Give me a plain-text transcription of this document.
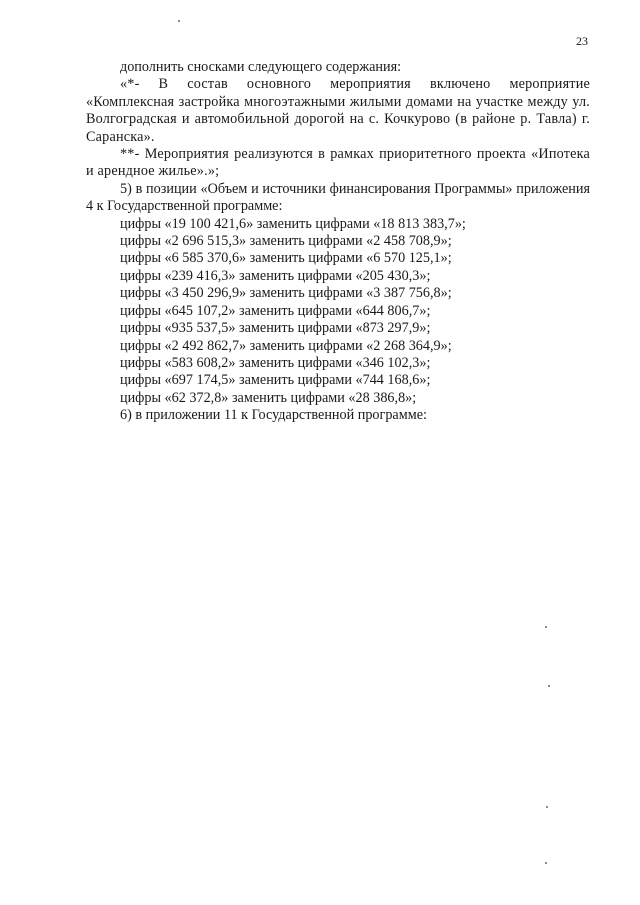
23

дополнить сносками следующего содержания:

«*- В состав основного мероприятия включено мероприятие «Комплексная застройка многоэтажными жилыми домами на участке между ул. Волгоградская и автомобильной дорогой на с. Кочкурово (в районе р. Тавла) г. Саранска».

**- Мероприятия реализуются в рамках приоритетного проекта «Ипотека и арендное жилье».»;

5) в позиции «Объем и источники финансирования Программы» приложения 4 к Государственной программе:

цифры «19 100 421,6» заменить цифрами «18 813 383,7»;
цифры «2 696 515,3» заменить цифрами «2 458 708,9»;
цифры «6 585 370,6» заменить цифрами «6 570 125,1»;
цифры «239 416,3» заменить цифрами «205 430,3»;
цифры «3 450 296,9» заменить цифрами «3 387 756,8»;
цифры «645 107,2» заменить цифрами «644 806,7»;
цифры «935 537,5» заменить цифрами «873 297,9»;
цифры «2 492 862,7» заменить цифрами «2 268 364,9»;
цифры «583 608,2» заменить цифрами «346 102,3»;
цифры «697 174,5» заменить цифрами «744 168,6»;
цифры «62 372,8» заменить цифрами «28 386,8»;

6) в приложении 11 к Государственной программе:
